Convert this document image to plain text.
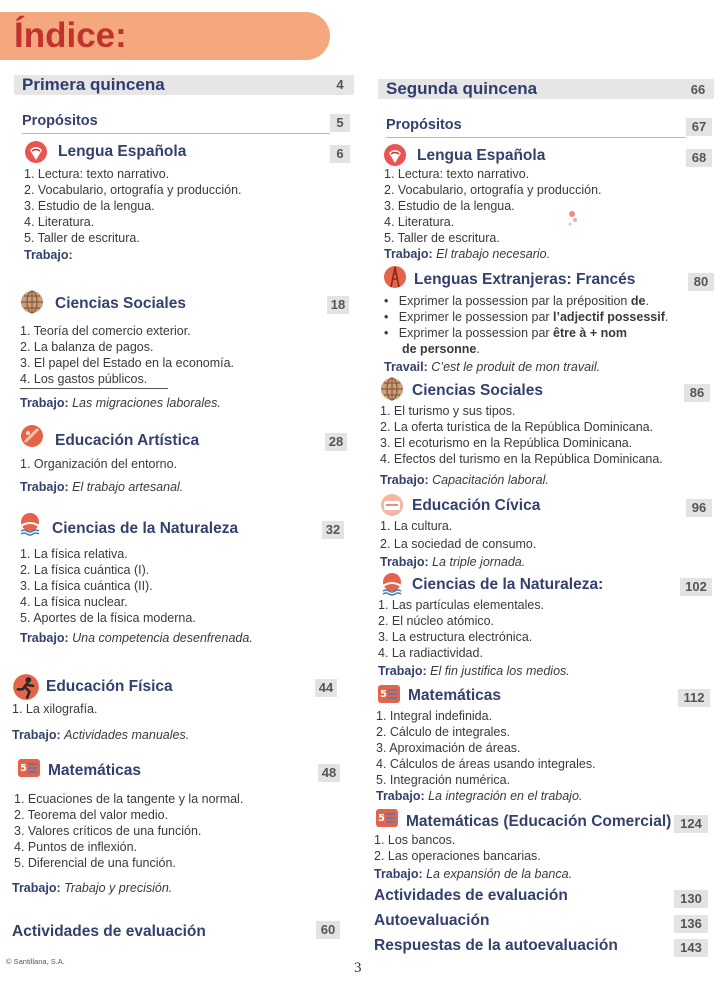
Índice:
Primera quincena	4
Propósitos	5
Lengua Española	6
1. Lectura: texto narrativo.
2. Vocabulario, ortografía y producción.
3. Estudio de la lengua.
4. Literatura.
5. Taller de escritura.
Trabajo:
Ciencias Sociales	18
1. Teoría del comercio exterior.
2. La balanza de pagos.
3. El papel del Estado en la economía.
4. Los gastos públicos.
Trabajo: Las migraciones laborales.
Educación Artística	28
1. Organización del entorno.
Trabajo: El trabajo artesanal.
Ciencias de la Naturaleza	32
1. La física relativa.
2. La física cuántica (I).
3. La física cuántica (II).
4. La física nuclear.
5. Aportes de la física moderna.
Trabajo: Una competencia desenfrenada.
Educación Física	44
1. La xilografía.
Trabajo: Actividades manuales.
Matemáticas	48
1. Ecuaciones de la tangente y la normal.
2. Teorema del valor medio.
3. Valores críticos de una función.
4. Puntos de inflexión.
5. Diferencial de una función.
Trabajo: Trabajo y precisión.
Actividades de evaluación	60
Segunda quincena	66
Propósitos	67
Lengua Española	68
1. Lectura: texto narrativo.
2. Vocabulario, ortografía y producción.
3. Estudio de la lengua.
4. Literatura.
5. Taller de escritura.
Trabajo: El trabajo necesario.
Lenguas Extranjeras: Francés	80
•   Exprimer la possession par la préposition de.
•   Exprimer le possession par l’adjectif possessif.
•   Exprimer la possession par être à + nom
de personne.
Travail: C’est le produit de mon travail.
Ciencias Sociales	86
1. El turismo y sus tipos.
2. La oferta turística de la República Dominicana.
3. El ecoturismo en la República Dominicana.
4. Efectos del turismo en la República Dominicana.
Trabajo: Capacitación laboral.
Educación Cívica	96
1. La cultura.
2. La sociedad de consumo.
Trabajo: La triple jornada.
Ciencias de la Naturaleza:	102
1. Las partículas elementales.
2. El núcleo atómico.
3. La estructura electrónica.
4. La radiactividad.
Trabajo: El fin justifica los medios.
Matemáticas	112
1. Integral indefinida.
2. Cálculo de integrales.
3. Aproximación de áreas.
4. Cálculos de áreas usando integrales.
5. Integración numérica.
Trabajo: La integración en el trabajo.
Matemáticas (Educación Comercial) 124
1. Los bancos.
2. Las operaciones bancarias.
Trabajo: La expansión de la banca.
Actividades de evaluación	130
Autoevaluación	136
Respuestas de la autoevaluación	143
© Santillana, S.A.	3
